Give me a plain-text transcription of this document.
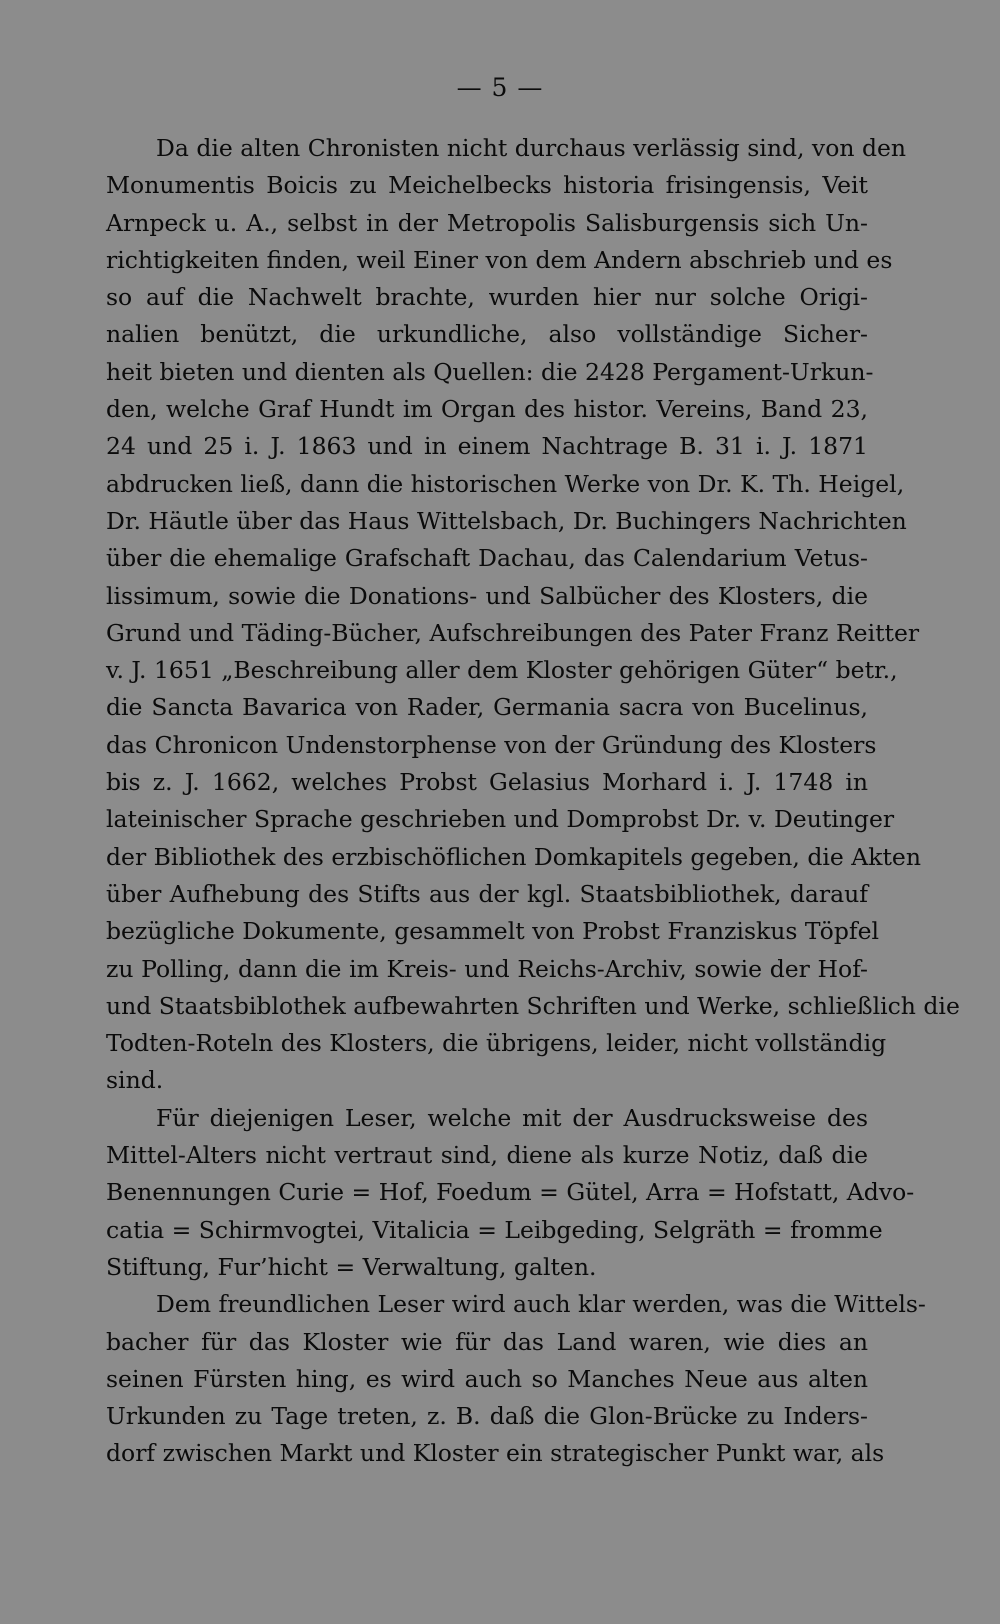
— 5 —
Da die alten Chronisten nicht durchaus verlässig sind, von den
Monumentis Boicis zu Meichelbecks historia frisingensis, Veit
Arnpeck u. A., selbst in der Metropolis Salisburgensis sich Un-
richtigkeiten finden, weil Einer von dem Andern abschrieb und es
so auf die Nachwelt brachte, wurden hier nur solche Origi-
nalien benützt, die urkundliche, also vollständige Sicher-
heit bieten und dienten als Quellen: die 2428 Pergament-Urkun-
den, welche Graf Hundt im Organ des histor. Vereins, Band 23,
24 und 25 i. J. 1863 und in einem Nachtrage B. 31 i. J. 1871
abdrucken ließ, dann die historischen Werke von Dr. K. Th. Heigel,
Dr. Häutle über das Haus Wittelsbach, Dr. Buchingers Nachrichten
über die ehemalige Grafschaft Dachau, das Calendarium Vetus-
lissimum, sowie die Donations- und Salbücher des Klosters, die
Grund und Täding-Bücher, Aufschreibungen des Pater Franz Reitter
v. J. 1651 „Beschreibung aller dem Kloster gehörigen Güter“ betr.,
die Sancta Bavarica von Rader, Germania sacra von Bucelinus,
das Chronicon Undenstorphense von der Gründung des Klosters
bis z. J. 1662, welches Probst Gelasius Morhard i. J. 1748 in
lateinischer Sprache geschrieben und Domprobst Dr. v. Deutinger
der Bibliothek des erzbischöflichen Domkapitels gegeben, die Akten
über Aufhebung des Stifts aus der kgl. Staatsbibliothek, darauf
bezügliche Dokumente, gesammelt von Probst Franziskus Töpfel
zu Polling, dann die im Kreis- und Reichs-Archiv, sowie der Hof-
und Staatsbiblothek aufbewahrten Schriften und Werke, schließlich die
Todten-Roteln des Klosters, die übrigens, leider, nicht vollständig
sind.
Für diejenigen Leser, welche mit der Ausdrucksweise des
Mittel-Alters nicht vertraut sind, diene als kurze Notiz, daß die
Benennungen Curie = Hof, Foedum = Gütel, Arra = Hofstatt, Advo-
catia = Schirmvogtei, Vitalicia = Leibgeding, Selgräth = fromme
Stiftung, Fur’hicht = Verwaltung, galten.
Dem freundlichen Leser wird auch klar werden, was die Wittels-
bacher für das Kloster wie für das Land waren, wie dies an
seinen Fürsten hing, es wird auch so Manches Neue aus alten
Urkunden zu Tage treten, z. B. daß die Glon-Brücke zu Inders-
dorf zwischen Markt und Kloster ein strategischer Punkt war, als
